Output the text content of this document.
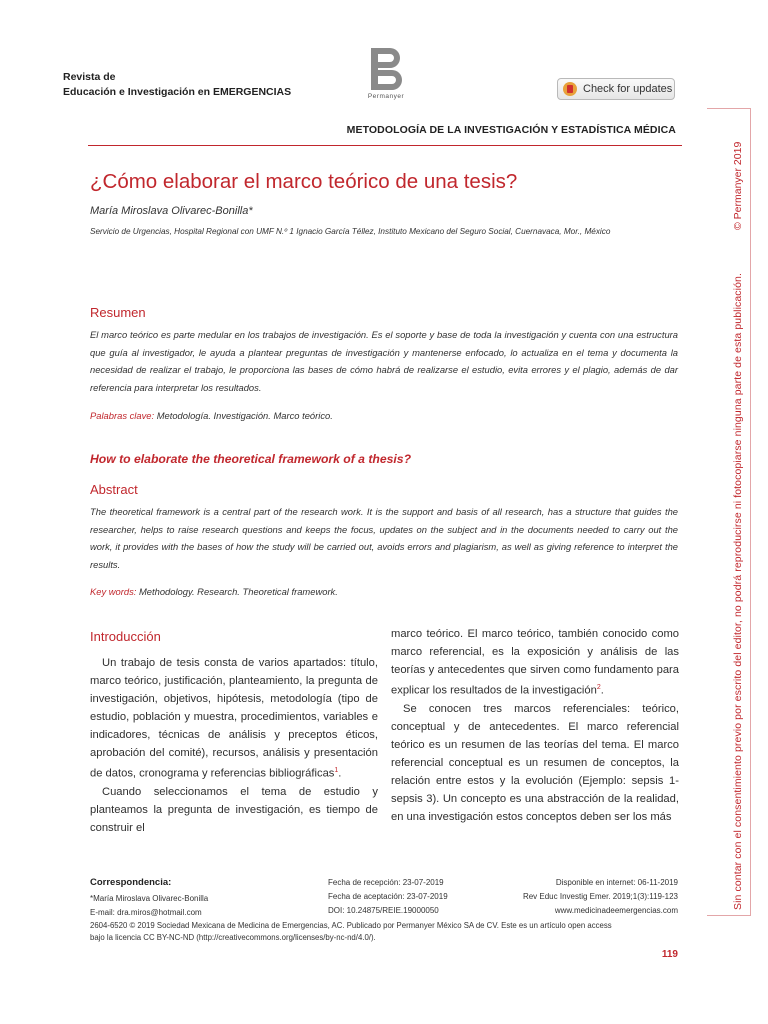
Revista de
Educación e Investigación en EMERGENCIAS	Permanyer
Check for updates
METODOLOGÍA DE LA INVESTIGACIÓN Y ESTADÍSTICA MÉDICA
¿Cómo elaborar el marco teórico de una tesis?
María Miroslava Olivarec-Bonilla*
Servicio de Urgencias, Hospital Regional con UMF N.º 1 Ignacio García Téllez, Instituto Mexicano del Seguro Social, Cuernavaca, Mor., México
Resumen
El marco teórico es parte medular en los trabajos de investigación. Es el soporte y base de toda la investigación y cuenta con una estructura que guía al investigador, le ayuda a plantear preguntas de investigación y mantenerse enfocado, lo actualiza en el tema y documenta la necesidad de realizar el trabajo, le proporciona las bases de cómo habrá de realizarse el estudio, evita errores y el plagio, además de dar referencia para interpretar los resultados.
Palabras clave: Metodología. Investigación. Marco teórico.
How to elaborate the theoretical framework of a thesis?
Abstract
The theoretical framework is a central part of the research work. It is the support and basis of all research, has a structure that guides the researcher, helps to raise research questions and keeps the focus, updates on the subject and in the documents needed to carry out the work, it provides with the bases of how the study will be carried out, avoids errors and plagiarism, as well as giving reference to interpret the results.
Key words: Methodology. Research. Theoretical framework.
Introducción

Un trabajo de tesis consta de varios apartados: título, marco teórico, justificación, planteamiento, la pregunta de investigación, objetivos, hipótesis, metodología (tipo de estudio, población y muestra, procedimientos, variables e indicadores, técnicas de análisis y preceptos éticos, aprobación del comité), recursos, análisis y presentación de datos, cronograma y referencias bibliográficas$^1$.

Cuando seleccionamos el tema de estudio y planteamos la pregunta de investigación, es tiempo de construir el

marco teórico. El marco teórico, también conocido como marco referencial, es la exposición y análisis de las teorías y antecedentes que sirven como fundamento para explicar los resultados de la investigación$^2$.

Se conocen tres marcos referenciales: teórico, conceptual y de antecedentes. El marco referencial teórico es un resumen de las teorías del tema. El marco referencial conceptual es un resumen de conceptos, la relación entre estos y la evolución (Ejemplo: sepsis 1-sepsis 3). Un concepto es una abstracción de la realidad, en una investigación estos conceptos deben ser los más

Correspondencia:
*María Miroslava Olivarec-Bonilla
E-mail: dra.miros@hotmail.com
Fecha de recepción: 23-07-2019
Fecha de aceptación: 23-07-2019
DOI: 10.24875/REIE.19000050
Disponible en internet: 06-11-2019
Rev Educ Investig Emer. 2019;1(3):119-123
www.medicinadeemergencias.com
2604-6520 © 2019 Sociedad Mexicana de Medicina de Emergencias, AC. Publicado por Permanyer México SA de CV. Este es un artículo open access
bajo la licencia CC BY-NC-ND (http://creativecommons.org/licenses/by-nc-nd/4.0/).
119
Sin contar con el consentimiento previo por escrito del editor, no podrá reproducirse ni fotocopiarse ninguna parte de esta publicación.
© Permanyer 2019
